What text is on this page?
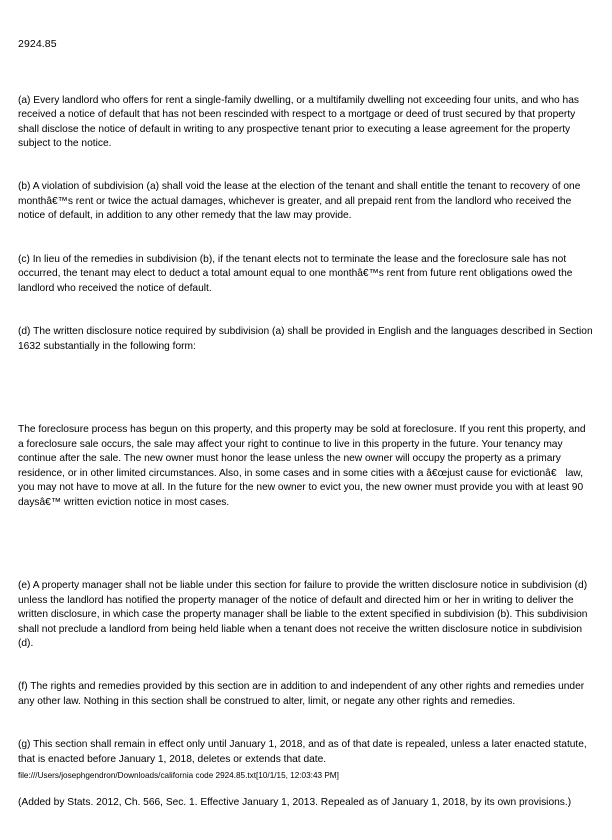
2924.85

(a) Every landlord who offers for rent a single-family dwelling, or a multifamily dwelling not exceeding four units, and who has received a notice of default that has not been rescinded with respect to a mortgage or deed of trust secured by that property shall disclose the notice of default in writing to any prospective tenant prior to executing a lease agreement for the property subject to the notice.

(b) A violation of subdivision (a) shall void the lease at the election of the tenant and shall entitle the tenant to recovery of one monthâ€™s rent or twice the actual damages, whichever is greater, and all prepaid rent from the landlord who received the notice of default, in addition to any other remedy that the law may provide.

(c) In lieu of the remedies in subdivision (b), if the tenant elects not to terminate the lease and the foreclosure sale has not occurred, the tenant may elect to deduct a total amount equal to one monthâ€™s rent from future rent obligations owed the landlord who received the notice of default.

(d) The written disclosure notice required by subdivision (a) shall be provided in English and the languages described in Section 1632 substantially in the following form:

The foreclosure process has begun on this property, and this property may be sold at foreclosure. If you rent this property, and a foreclosure sale occurs, the sale may affect your right to continue to live in this property in the future. Your tenancy may continue after the sale. The new owner must honor the lease unless the new owner will occupy the property as a primary residence, or in other limited circumstances. Also, in some cases and in some cities with a â€œjust cause for evictionâ€ law, you may not have to move at all. In the future for the new owner to evict you, the new owner must provide you with at least 90 daysâ€™ written eviction notice in most cases.

(e) A property manager shall not be liable under this section for failure to provide the written disclosure notice in subdivision (d) unless the landlord has notified the property manager of the notice of default and directed him or her in writing to deliver the written disclosure, in which case the property manager shall be liable to the extent specified in subdivision (b). This subdivision shall not preclude a landlord from being held liable when a tenant does not receive the written disclosure notice in subdivision (d).

(f) The rights and remedies provided by this section are in addition to and independent of any other rights and remedies under any other law. Nothing in this section shall be construed to alter, limit, or negate any other rights and remedies.

(g) This section shall remain in effect only until January 1, 2018, and as of that date is repealed, unless a later enacted statute, that is enacted before January 1, 2018, deletes or extends that date.

(Added by Stats. 2012, Ch. 566, Sec. 1. Effective January 1, 2013. Repealed as of January 1, 2018, by its own provisions.)

file:///Users/josephgendron/Downloads/california code 2924.85.txt[10/1/15, 12:03:43 PM]
